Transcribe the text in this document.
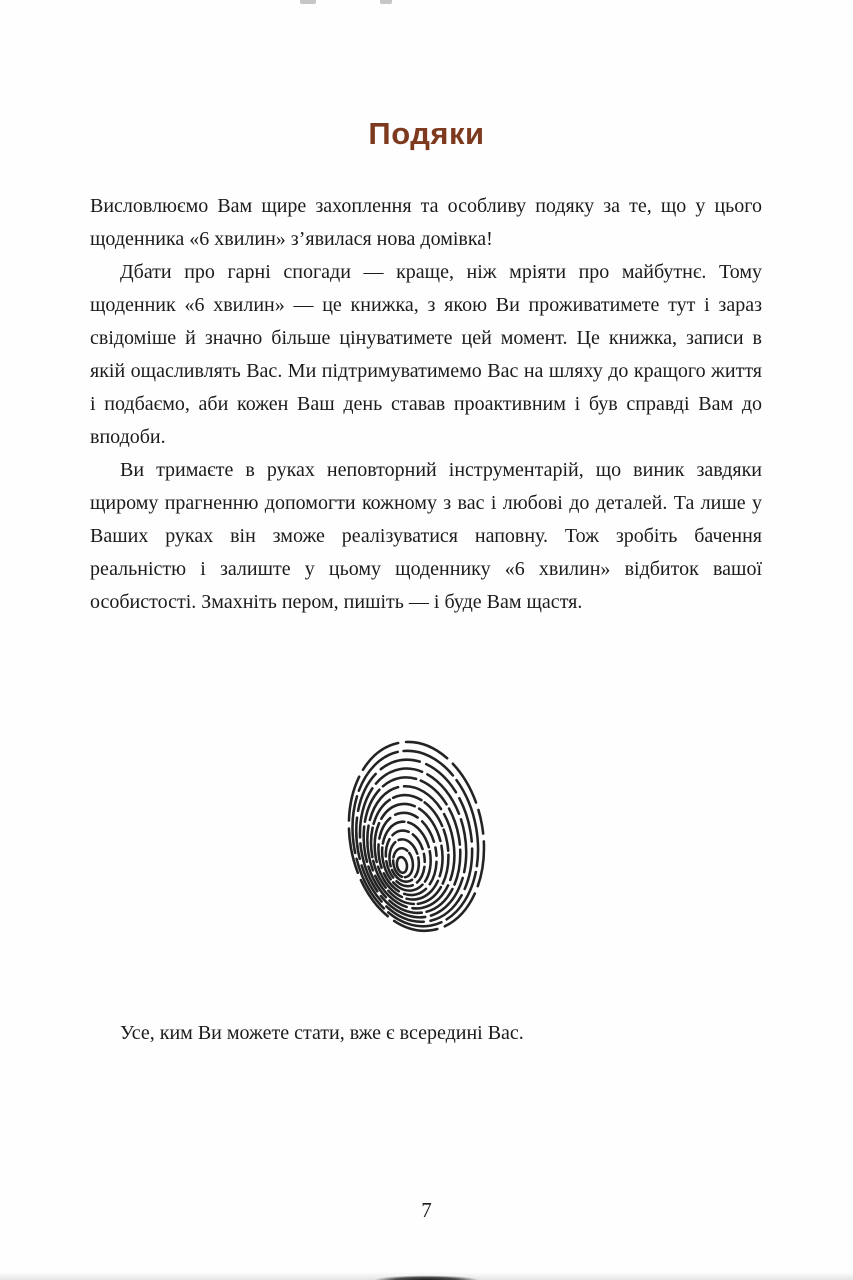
Подяки

Висловлюємо Вам щире захоплення та особливу подяку за те, що у цього щоденника «6 хвилин» з’явилася нова домівка!

Дбати про гарні спогади — краще, ніж мріяти про майбутнє. Тому щоденник «6 хвилин» — це книжка, з якою Ви проживатимете тут і зараз свідоміше й значно більше цінуватимете цей момент. Це книжка, записи в якій ощасливлять Вас. Ми підтримуватимемо Вас на шляху до кращого життя і подбаємо, аби кожен Ваш день ставав проактивним і був справді Вам до вподоби.

Ви тримаєте в руках неповторний інструментарій, що виник завдяки щирому прагненню допомогти кожному з вас і любові до деталей. Та лише у Ваших руках він зможе реалізуватися наповну. Тож зробіть бачення реальністю і залиште у цьому щоденнику «6 хвилин» відбиток вашої особистості. Змахніть пером, пишіть — і буде Вам щастя.

Усе, ким Ви можете стати, вже є всередині Вас.

7
